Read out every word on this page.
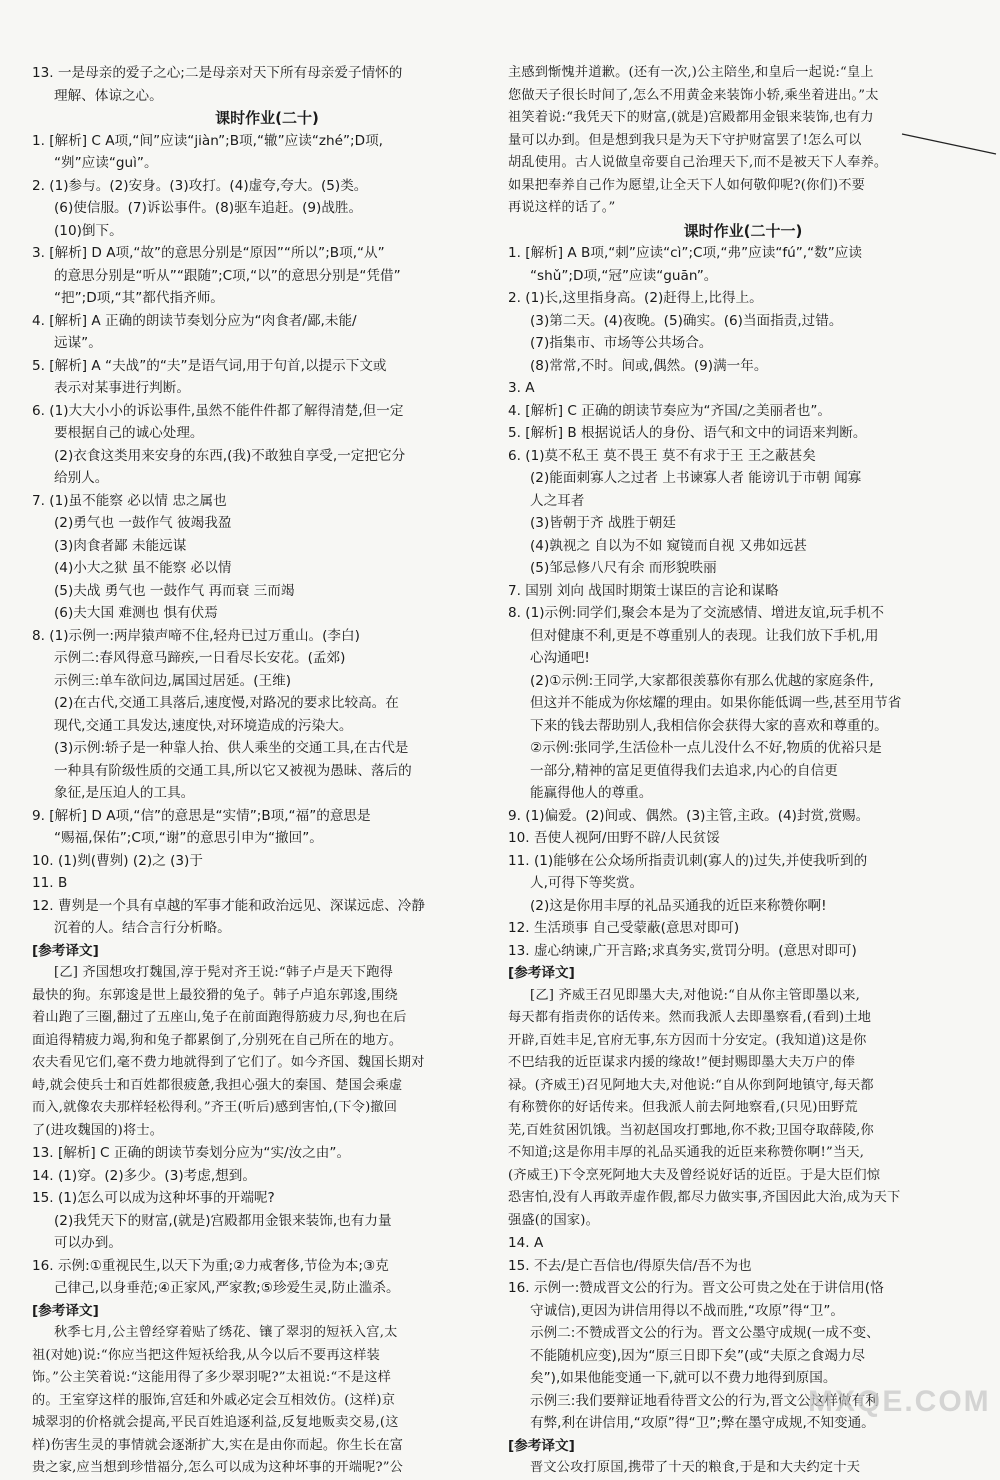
13. 一是母亲的爱子之心;二是母亲对天下所有母亲爱子情怀的
理解、体谅之心。
课时作业(二十)
1. [解析] C A项,“间”应读“jiàn”;B项,“辙”应读“zhé”;D项,
“刿”应读“guì”。
2. (1)参与。(2)安身。(3)攻打。(4)虚夸,夸大。(5)类。
(6)使信服。(7)诉讼事件。(8)驱车追赶。(9)战胜。
(10)倒下。
3. [解析] D A项,“故”的意思分别是“原因”“所以”;B项,“从”
的意思分别是“听从”“跟随”;C项,“以”的意思分别是“凭借”
“把”;D项,“其”都代指齐师。
4. [解析] A 正确的朗读节奏划分应为“肉食者/鄙,未能/
远谋”。
5. [解析] A “夫战”的“夫”是语气词,用于句首,以提示下文或
表示对某事进行判断。
6. (1)大大小小的诉讼事件,虽然不能件件都了解得清楚,但一定
要根据自己的诚心处理。
(2)衣食这类用来安身的东西,(我)不敢独自享受,一定把它分
给别人。
7. (1)虽不能察 必以情 忠之属也
(2)勇气也 一鼓作气 彼竭我盈
(3)肉食者鄙 未能远谋
(4)小大之狱 虽不能察 必以情
(5)夫战 勇气也 一鼓作气 再而衰 三而竭
(6)夫大国 难测也 惧有伏焉
8. (1)示例一:两岸猿声啼不住,轻舟已过万重山。(李白)
示例二:春风得意马蹄疾,一日看尽长安花。(孟郊)
示例三:单车欲问边,属国过居延。(王维)
(2)在古代,交通工具落后,速度慢,对路况的要求比较高。在
现代,交通工具发达,速度快,对环境造成的污染大。
(3)示例:轿子是一种靠人抬、供人乘坐的交通工具,在古代是
一种具有阶级性质的交通工具,所以它又被视为愚昧、落后的
象征,是压迫人的工具。
9. [解析] D A项,“信”的意思是“实情”;B项,“福”的意思是
“赐福,保佑”;C项,“谢”的意思引申为“撤回”。
10. (1)刿(曹刿) (2)之 (3)于
11. B
12. 曹刿是一个具有卓越的军事才能和政治远见、深谋远虑、冷静
沉着的人。结合言行分析略。
[参考译文]
[乙] 齐国想攻打魏国,淳于髡对齐王说:“韩子卢是天下跑得
最快的狗。东郭逡是世上最狡猾的兔子。韩子卢追东郭逡,围绕
着山跑了三圈,翻过了五座山,兔子在前面跑得筋疲力尽,狗也在后
面追得精疲力竭,狗和兔子都累倒了,分别死在自己所在的地方。
农夫看见它们,毫不费力地就得到了它们了。如今齐国、魏国长期对
峙,就会使兵士和百姓都很疲惫,我担心强大的秦国、楚国会乘虚
而入,就像农夫那样轻松得利。”齐王(听后)感到害怕,(下令)撤回
了(进攻魏国的)将士。
13. [解析] C 正确的朗读节奏划分应为“实/汝之由”。
14. (1)穿。(2)多少。(3)考虑,想到。
15. (1)怎么可以成为这种坏事的开端呢?
(2)我凭天下的财富,(就是)宫殿都用金银来装饰,也有力量
可以办到。
16. 示例:①重视民生,以天下为重;②力戒奢侈,节俭为本;③克
己律己,以身垂范;④正家风,严家教;⑤珍爱生灵,防止滥杀。
[参考译文]
秋季七月,公主曾经穿着贴了绣花、镶了翠羽的短袄入宫,太
祖(对她)说:“你应当把这件短袄给我,从今以后不要再这样装
饰。”公主笑着说:“这能用得了多少翠羽呢?”太祖说:“不是这样
的。王室穿这样的服饰,宫廷和外戚必定会互相效仿。(这样)京
城翠羽的价格就会提高,平民百姓追逐利益,反复地贩卖交易,(这
样)伤害生灵的事情就会逐渐扩大,实在是由你而起。你生长在富
贵之家,应当想到珍惜福分,怎么可以成为这种坏事的开端呢?”公
主感到惭愧并道歉。(还有一次,)公主陪坐,和皇后一起说:“皇上
您做天子很长时间了,怎么不用黄金来装饰小轿,乘坐着进出。”太
祖笑着说:“我凭天下的财富,(就是)宫殿都用金银来装饰,也有力
量可以办到。但是想到我只是为天下守护财富罢了!怎么可以
胡乱使用。古人说做皇帝要自己治理天下,而不是被天下人奉养。
如果把奉养自己作为愿望,让全天下人如何敬仰呢?(你们)不要
再说这样的话了。”
课时作业(二十一)
1. [解析] A B项,“刺”应读“cì”;C项,“弗”应读“fú”,“数”应读
“shǔ”;D项,“冠”应读“guān”。
2. (1)长,这里指身高。(2)赶得上,比得上。
(3)第二天。(4)夜晚。(5)确实。(6)当面指责,过错。
(7)指集市、市场等公共场合。
(8)常常,不时。间或,偶然。(9)满一年。
3. A
4. [解析] C 正确的朗读节奏应为“齐国/之美丽者也”。
5. [解析] B 根据说话人的身份、语气和文中的词语来判断。
6. (1)莫不私王 莫不畏王 莫不有求于王 王之蔽甚矣
(2)能面刺寡人之过者 上书谏寡人者 能谤讥于市朝 闻寡
人之耳者
(3)皆朝于齐 战胜于朝廷
(4)孰视之 自以为不如 窥镜而自视 又弗如远甚
(5)邹忌修八尺有余 而形貌昳丽
7. 国别 刘向 战国时期策士谋臣的言论和谋略
8. (1)示例:同学们,聚会本是为了交流感情、增进友谊,玩手机不
但对健康不利,更是不尊重别人的表现。让我们放下手机,用
心沟通吧!
(2)①示例:王同学,大家都很羡慕你有那么优越的家庭条件,
但这并不能成为你炫耀的理由。如果你能低调一些,甚至用节省
下来的钱去帮助别人,我相信你会获得大家的喜欢和尊重的。
②示例:张同学,生活俭朴一点儿没什么不好,物质的优裕只是
一部分,精神的富足更值得我们去追求,内心的自信更
能赢得他人的尊重。
9. (1)偏爱。(2)间或、偶然。(3)主管,主政。(4)封赏,赏赐。
10. 吾使人视阿/田野不辟/人民贫馁
11. (1)能够在公众场所指责讥刺(寡人的)过失,并使我听到的
人,可得下等奖赏。
(2)这是你用丰厚的礼品买通我的近臣来称赞你啊!
12. 生活琐事 自己受蒙蔽(意思对即可)
13. 虚心纳谏,广开言路;求真务实,赏罚分明。(意思对即可)
[参考译文]
[乙] 齐威王召见即墨大夫,对他说:“自从你主管即墨以来,
每天都有指责你的话传来。然而我派人去即墨察看,(看到)土地
开辟,百姓丰足,官府无事,东方因而十分安定。(我知道)这是你
不巴结我的近臣谋求内援的缘故!”便封赐即墨大夫万户的俸
禄。(齐威王)召见阿地大夫,对他说:“自从你到阿地镇守,每天都
有称赞你的好话传来。但我派人前去阿地察看,(只见)田野荒
芜,百姓贫困饥饿。当初赵国攻打鄄地,你不救;卫国夺取薛陵,你
不知道;这是你用丰厚的礼品买通我的近臣来称赞你啊!”当天,
(齐威王)下令烹死阿地大夫及曾经说好话的近臣。于是大臣们惊
恐害怕,没有人再敢弄虚作假,都尽力做实事,齐国因此大治,成为天下
强盛(的国家)。
14. A
15. 不去/是亡吾信也/得原失信/吾不为也
16. 示例一:赞成晋文公的行为。晋文公可贵之处在于讲信用(恪
守诚信),更因为讲信用得以不战而胜,“攻原”得“卫”。
示例二:不赞成晋文公的行为。晋文公墨守成规(一成不变、
不能随机应变),因为“原三日即下矣”(或“夫原之食竭力尽
矣”),如果他能变通一下,就可以不费力地得到原国。
示例三:我们要辩证地看待晋文公的行为,晋文公这样做有利
有弊,利在讲信用,“攻原”得“卫”;弊在墨守成规,不知变通。
[参考译文]
晋文公攻打原国,携带了十天的粮食,于是和大夫约定十天
MXQE.COM
